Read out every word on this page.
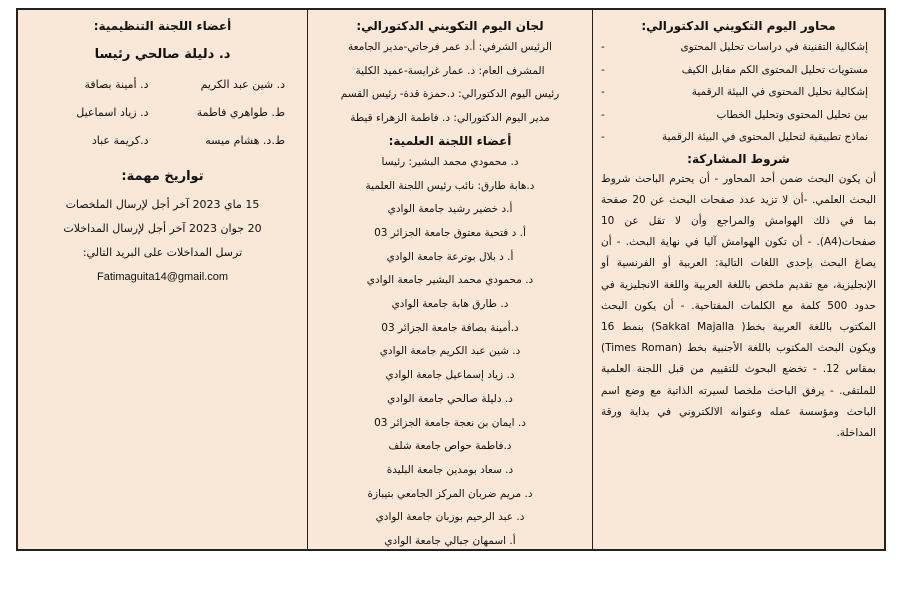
أعضاء اللجنة التنظيمية:
د. دليلة صالحي رئيسا
د. شين عبد الكريم
د. أمينة بصافة
ط. طواهري فاطمة
د. زياد اسماعيل
ط.د. هشام ميسه
د.كريمة عباد
تواريخ مهمة:
15 ماي 2023 آخر أجل لإرسال الملخصات
20 جوان 2023 آخر أجل لإرسال المداخلات
ترسل المداخلات على البريد التالي:
Fatimaguita14@gmail.com
لجان اليوم التكويني الدكتورالي:
الرئيس الشرفي: أ.د عمر فرحاتي-مدير الجامعة
المشرف العام: د. عمار غرايسة-عميد الكلية
رئيس اليوم الدكتورالي: د.حمزة قدة- رئيس القسم
مدير اليوم الدكتورالي: د. فاطمة الزهراء قيطة
أعضاء اللجنة العلمية:
د. محمودي محمد البشير: رئيسا
د.هابة طارق: نائب رئيس اللجنة العلمية
أ.د خضير رشيد جامعة الوادي
أ. د فتحية معتوق جامعة الجزائر 03
أ. د بلال بوترعة جامعة الوادي
د. محمودي محمد البشير جامعة الوادي
د. طارق هابة جامعة الوادي
د.أمينة بصافة جامعة الجزائر 03
د. شين عبد الكريم جامعة الوادي
د. زياد إسماعيل جامعة الوادي
د. دليلة صالحي جامعة الوادي
د. ايمان بن نعجة جامعة الجزائر 03
د.فاطمة حواص جامعة شلف
د. سعاد بومدين جامعة البليدة
د. مريم ضربان المركز الجامعي بتيبازة
د. عبد الرحيم بوزبان جامعة الوادي
أ. اسمهان جبالي جامعة الوادي
محاور اليوم التكويني الدكتورالي:
إشكالية التقنينة في دراسات تحليل المحتوى
-
مستويات تحليل المحتوى الكم مقابل الكيف
-
إشكالية تحليل المحتوى في البيئة الرقمية
-
بين تحليل المحتوى وتحليل الخطاب
-
نماذج تطبيقية لتحليل المحتوى في البيئة الرقمية
-
شروط المشاركة:
أن يكون البحث ضمن أحد المحاور - أن يحترم الباحث شروط البحث العلمي. -أن لا تزيد عدد صفحات البحث عن 20 صفحة بما في ذلك الهوامش والمراجع وأن لا تقل عن 10 صفحات(A4). - أن تكون الهوامش آليا في نهاية البحث. - أن يصاغ البحث بإحدى اللغات التالية: العربية أو الفرنسية أو الإنجليزية، مع تقديم ملخص باللغة العربية واللغة الانجليزية في حدود 500 كلمة مع الكلمات المفتاحية. - أن يكون البحث المكتوب باللغة العربية بخط( Sakkal Majalla) بنمط 16 ويكون البحث المكتوب باللغة الأجنبية بخط (Times Roman) بمقاس 12. - تخضع البحوث للتقييم من قبل اللجنة العلمية للملتقى. - يرفق الباحث ملخصا لسيرته الذاتية مع وضع اسم الباحث ومؤسسة عمله وعنوانه الالكتروني في بداية ورقة المداخلة.
